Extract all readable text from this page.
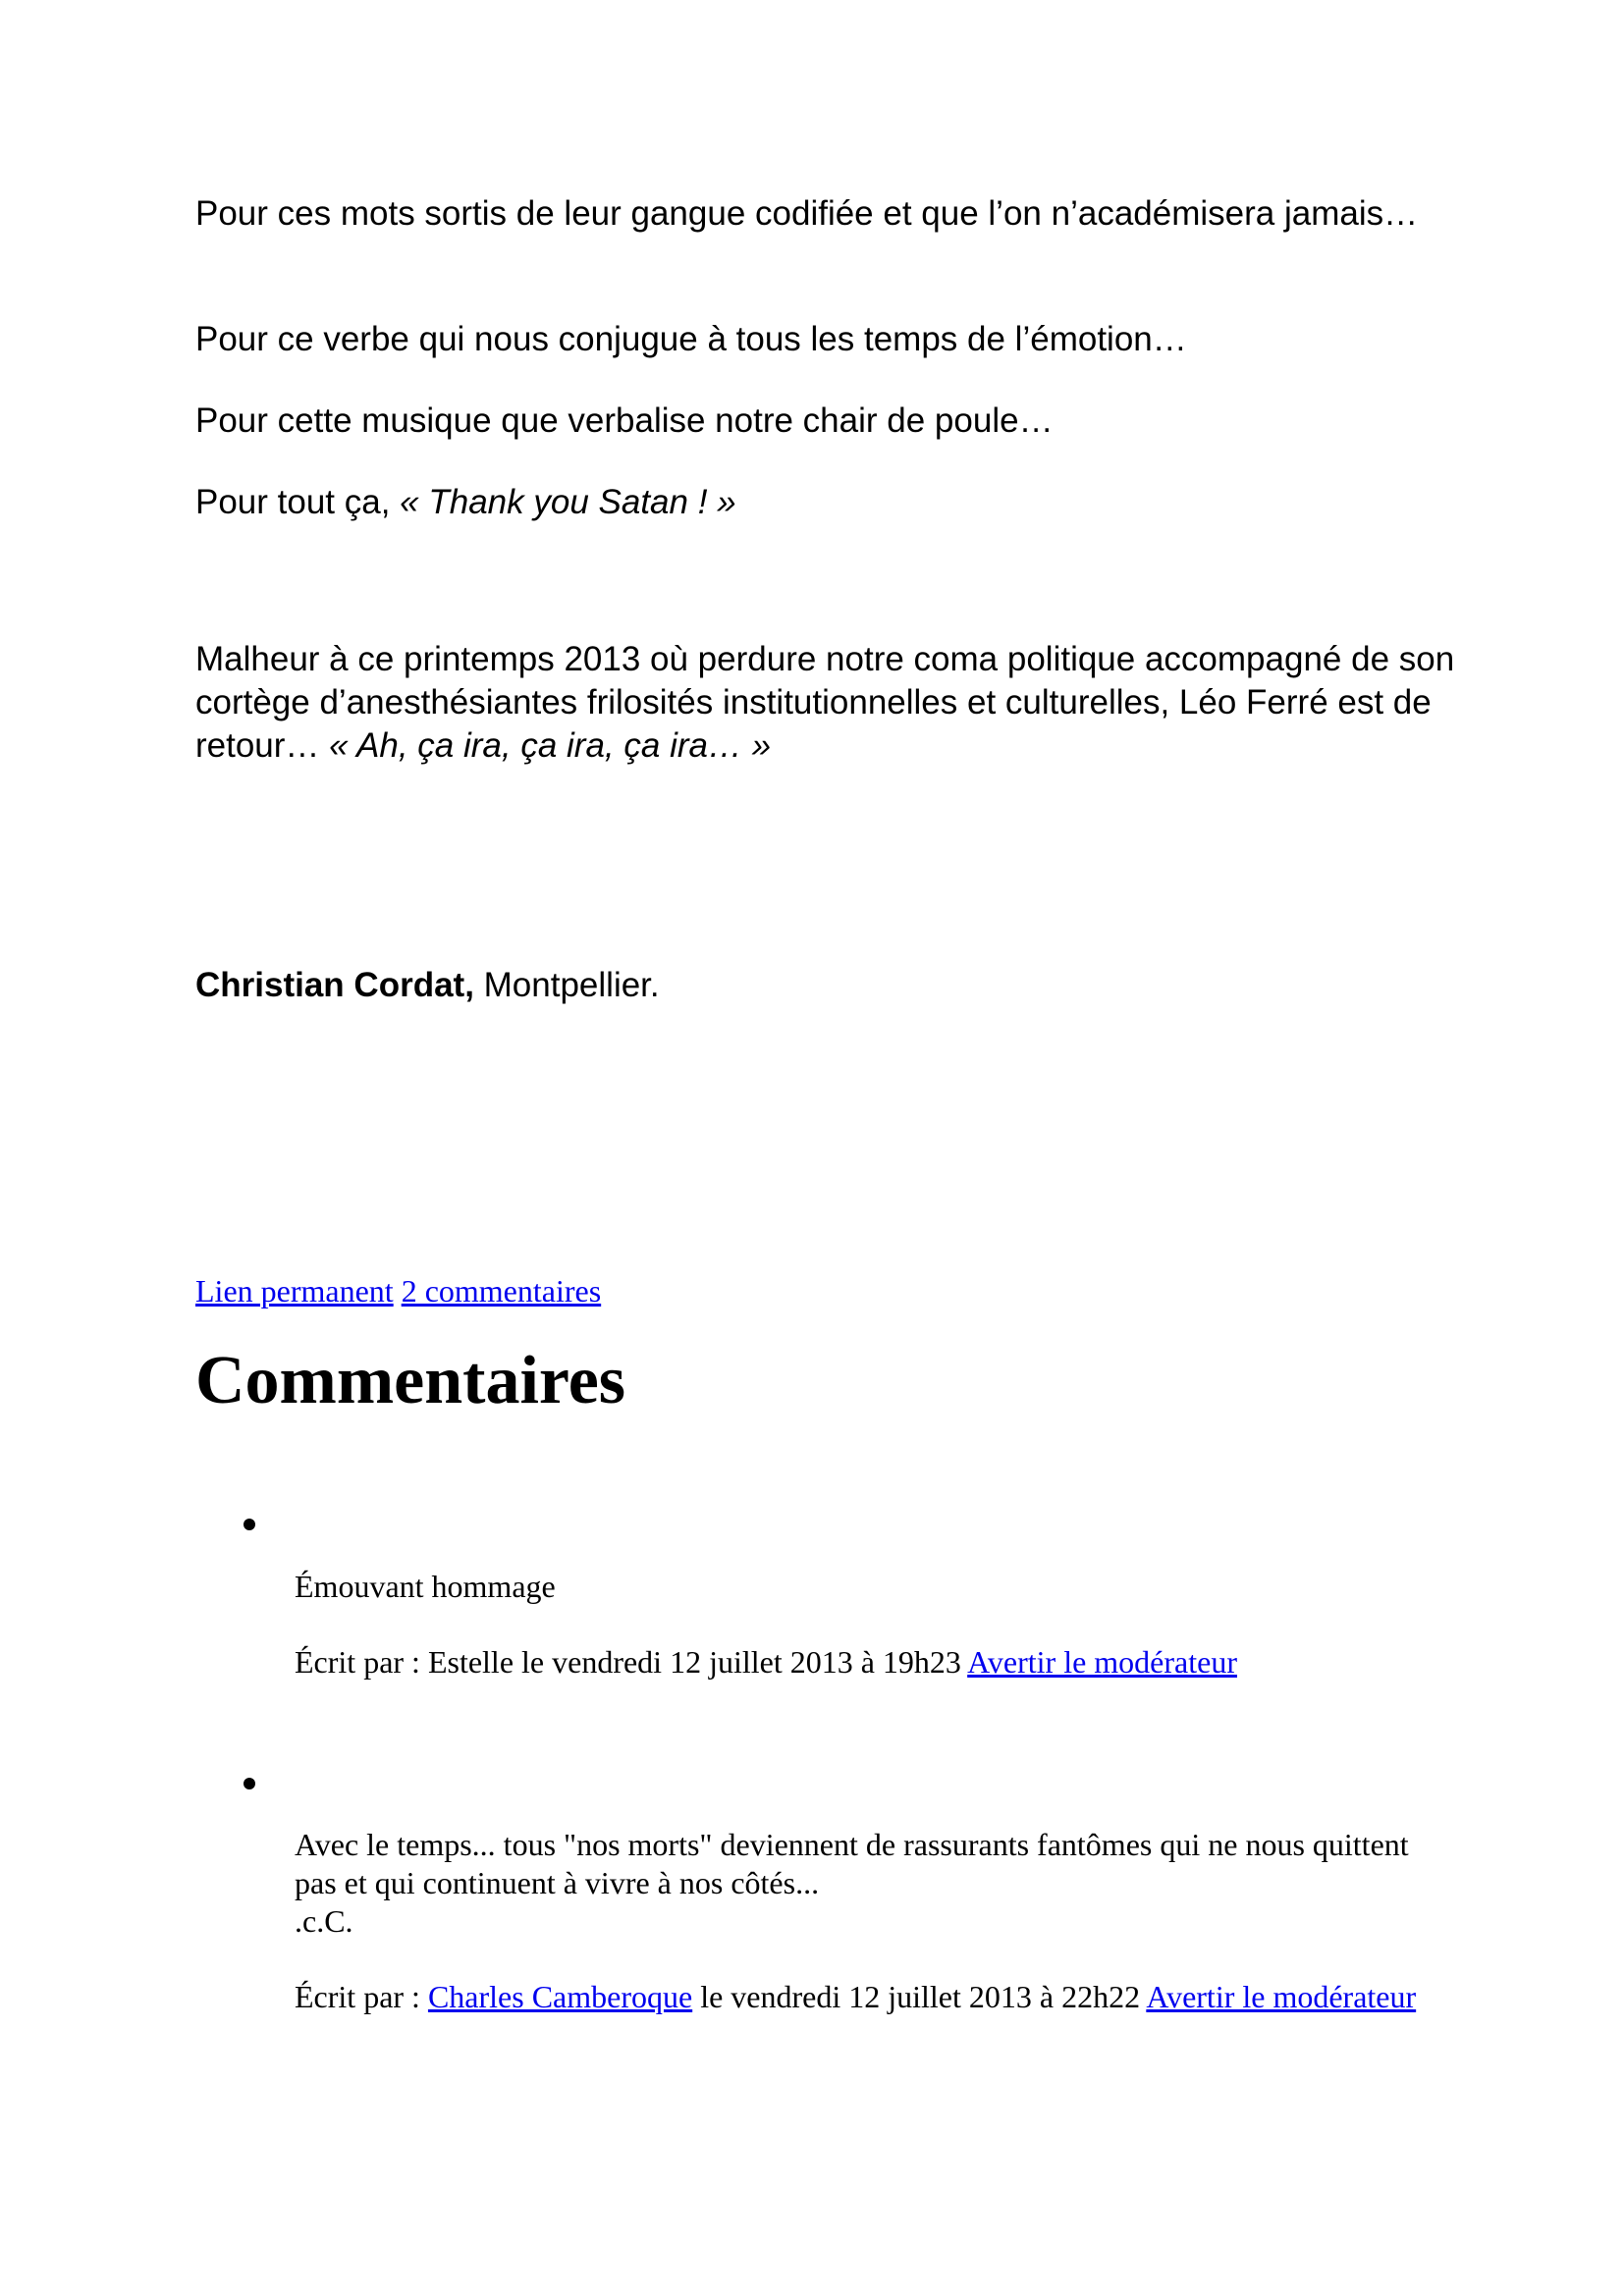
Pour ces mots sortis de leur gangue codifiée et que l’on n’académisera jamais…

Pour ce verbe qui nous conjugue à tous les temps de l’émotion…

Pour cette musique que verbalise notre chair de poule…

Pour tout ça, « Thank you Satan ! »

Malheur à ce printemps 2013 où perdure notre coma politique accompagné de son cortège d’anesthésiantes frilosités institutionnelles et culturelles, Léo Ferré est de retour… « Ah, ça ira, ça ira, ça ira… »

Christian Cordat, Montpellier.

Lien permanent 2 commentaires

Commentaires

Émouvant hommage

Écrit par : Estelle le vendredi 12 juillet 2013 à 19h23 Avertir le modérateur

Avec le temps... tous "nos morts" deviennent de rassurants fantômes qui ne nous quittent pas et qui continuent à vivre à nos côtés...
.c.C.

Écrit par : Charles Camberoque le vendredi 12 juillet 2013 à 22h22 Avertir le modérateur
